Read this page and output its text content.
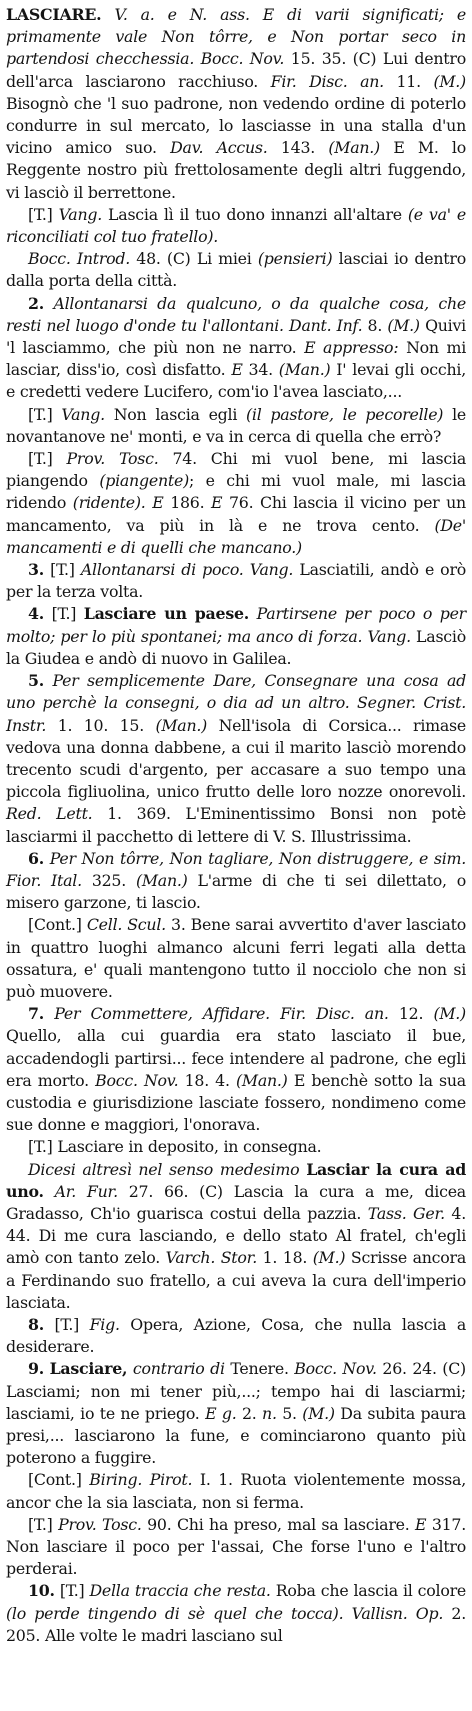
LASCIARE. V. a. e N. ass. E di varii significati; e primamente vale Non tôrre, e Non portar seco in partendosi checchessia. Bocc. Nov. 15. 35. (C) Lui dentro dell'arca lasciarono racchiuso. Fir. Disc. an. 11. (M.) Bisognò che 'l suo padrone, non vedendo ordine di poterlo condurre in sul mercato, lo lasciasse in una stalla d'un vicino amico suo. Dav. Accus. 143. (Man.) E M. lo Reggente nostro più frettolosamente degli altri fuggendo, vi lasciò il berrettone.

[T.] Vang. Lascia lì il tuo dono innanzi all'altare (e va' e riconciliati col tuo fratello).

Bocc. Introd. 48. (C) Li miei (pensieri) lasciai io dentro dalla porta della città.

2. Allontanarsi da qualcuno, o da qualche cosa, che resti nel luogo d'onde tu l'allontani. Dant. Inf. 8. (M.) Quivi 'l lasciammo, che più non ne narro. E appresso: Non mi lasciar, diss'io, così disfatto. E 34. (Man.) I' levai gli occhi, e credetti vedere Lucifero, com'io l'avea lasciato,...

[T.] Vang. Non lascia egli (il pastore, le pecorelle) le novantanove ne' monti, e va in cerca di quella che errò?

[T.] Prov. Tosc. 74. Chi mi vuol bene, mi lascia piangendo (piangente); e chi mi vuol male, mi lascia ridendo (ridente). E 186. E 76. Chi lascia il vicino per un mancamento, va più in là e ne trova cento. (De' mancamenti e di quelli che mancano.)

3. [T.] Allontanarsi di poco. Vang. Lasciatili, andò e orò per la terza volta.

4. [T.] Lasciare un paese. Partirsene per poco o per molto; per lo più spontanei; ma anco di forza. Vang. Lasciò la Giudea e andò di nuovo in Galilea.

5. Per semplicemente Dare, Consegnare una cosa ad uno perchè la consegni, o dia ad un altro. Segner. Crist. Instr. 1. 10. 15. (Man.) Nell'isola di Corsica... rimase vedova una donna dabbene, a cui il marito lasciò morendo trecento scudi d'argento, per accasare a suo tempo una piccola figliuolina, unico frutto delle loro nozze onorevoli. Red. Lett. 1. 369. L'Eminentissimo Bonsi non potè lasciarmi il pacchetto di lettere di V. S. Illustrissima.

6. Per Non tôrre, Non tagliare, Non distruggere, e sim. Fior. Ital. 325. (Man.) L'arme di che ti sei dilettato, o misero garzone, ti lascio.

[Cont.] Cell. Scul. 3. Bene sarai avvertito d'aver lasciato in quattro luoghi almanco alcuni ferri legati alla detta ossatura, e' quali mantengono tutto il nocciolo che non si può muovere.

7. Per Commettere, Affidare. Fir. Disc. an. 12. (M.) Quello, alla cui guardia era stato lasciato il bue, accadendogli partirsi... fece intendere al padrone, che egli era morto. Bocc. Nov. 18. 4. (Man.) E benchè sotto la sua custodia e giurisdizione lasciate fossero, nondimeno come sue donne e maggiori, l'onorava.

[T.] Lasciare in deposito, in consegna.

Dicesi altresì nel senso medesimo Lasciar la cura ad uno. Ar. Fur. 27. 66. (C) Lascia la cura a me, dicea Gradasso, Ch'io guarisca costui della pazzia. Tass. Ger. 4. 44. Di me cura lasciando, e dello stato Al fratel, ch'egli amò con tanto zelo. Varch. Stor. 1. 18. (M.) Scrisse ancora a Ferdinando suo fratello, a cui aveva la cura dell'imperio lasciata.

8. [T.] Fig. Opera, Azione, Cosa, che nulla lascia a desiderare.

9. Lasciare, contrario di Tenere. Bocc. Nov. 26. 24. (C) Lasciami; non mi tener più,...; tempo hai di lasciarmi; lasciami, io te ne priego. E g. 2. n. 5. (M.) Da subita paura presi,... lasciarono la fune, e cominciarono quanto più poterono a fuggire.

[Cont.] Biring. Pirot. I. 1. Ruota violentemente mossa, ancor che la sia lasciata, non si ferma.

[T.] Prov. Tosc. 90. Chi ha preso, mal sa lasciare. E 317. Non lasciare il poco per l'assai, Che forse l'uno e l'altro perderai.

10. [T.] Della traccia che resta. Roba che lascia il colore (lo perde tingendo di sè quel che tocca). Vallisn. Op. 2. 205. Alle volte le madri lasciano sul
